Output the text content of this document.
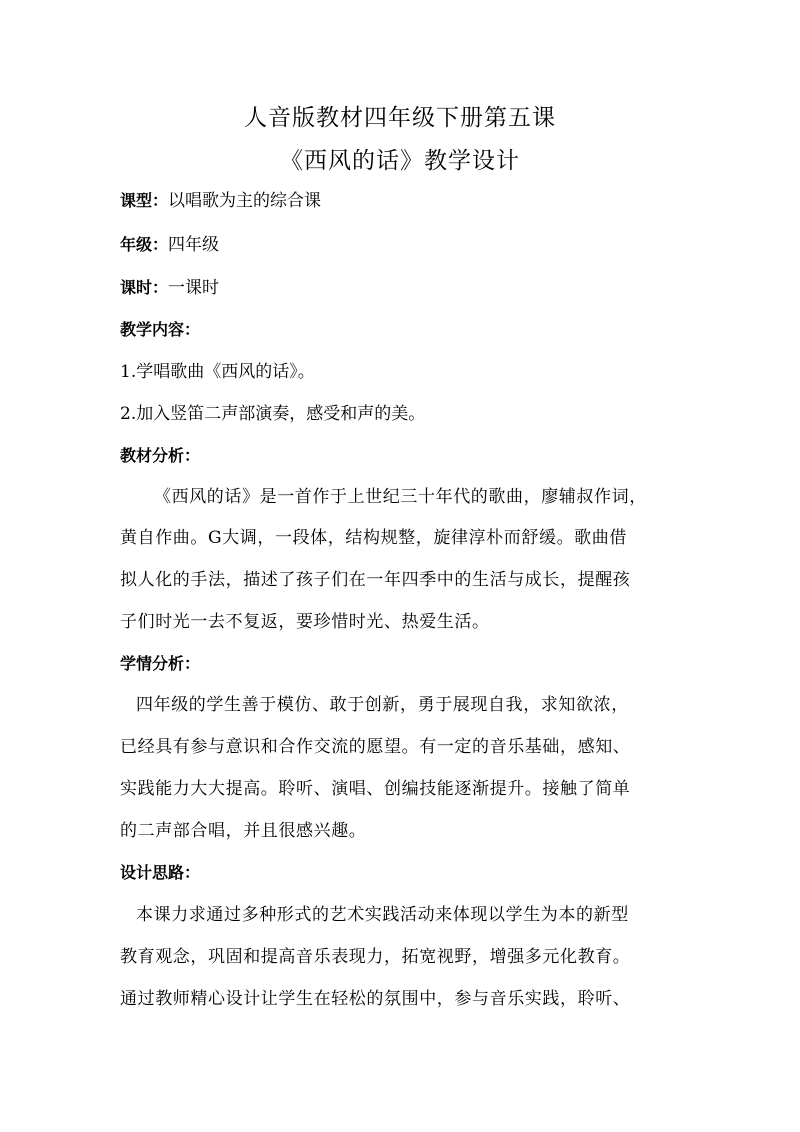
人音版教材四年级下册第五课
《西风的话》教学设计
课型：以唱歌为主的综合课
年级：四年级
课时：一课时
教学内容：
1.学唱歌曲《西风的话》。
2.加入竖笛二声部演奏，感受和声的美。
教材分析：
《西风的话》是一首作于上世纪三十年代的歌曲，廖辅叔作词，
黄自作曲。G大调，一段体，结构规整，旋律淳朴而舒缓。歌曲借
拟人化的手法，描述了孩子们在一年四季中的生活与成长，提醒孩
子们时光一去不复返，要珍惜时光、热爱生活。
学情分析：
四年级的学生善于模仿、敢于创新，勇于展现自我，求知欲浓，
已经具有参与意识和合作交流的愿望。有一定的音乐基础，感知、
实践能力大大提高。聆听、演唱、创编技能逐渐提升。接触了简单
的二声部合唱，并且很感兴趣。
设计思路：
本课力求通过多种形式的艺术实践活动来体现以学生为本的新型
教育观念，巩固和提高音乐表现力，拓宽视野，增强多元化教育。
通过教师精心设计让学生在轻松的氛围中，参与音乐实践，聆听、
